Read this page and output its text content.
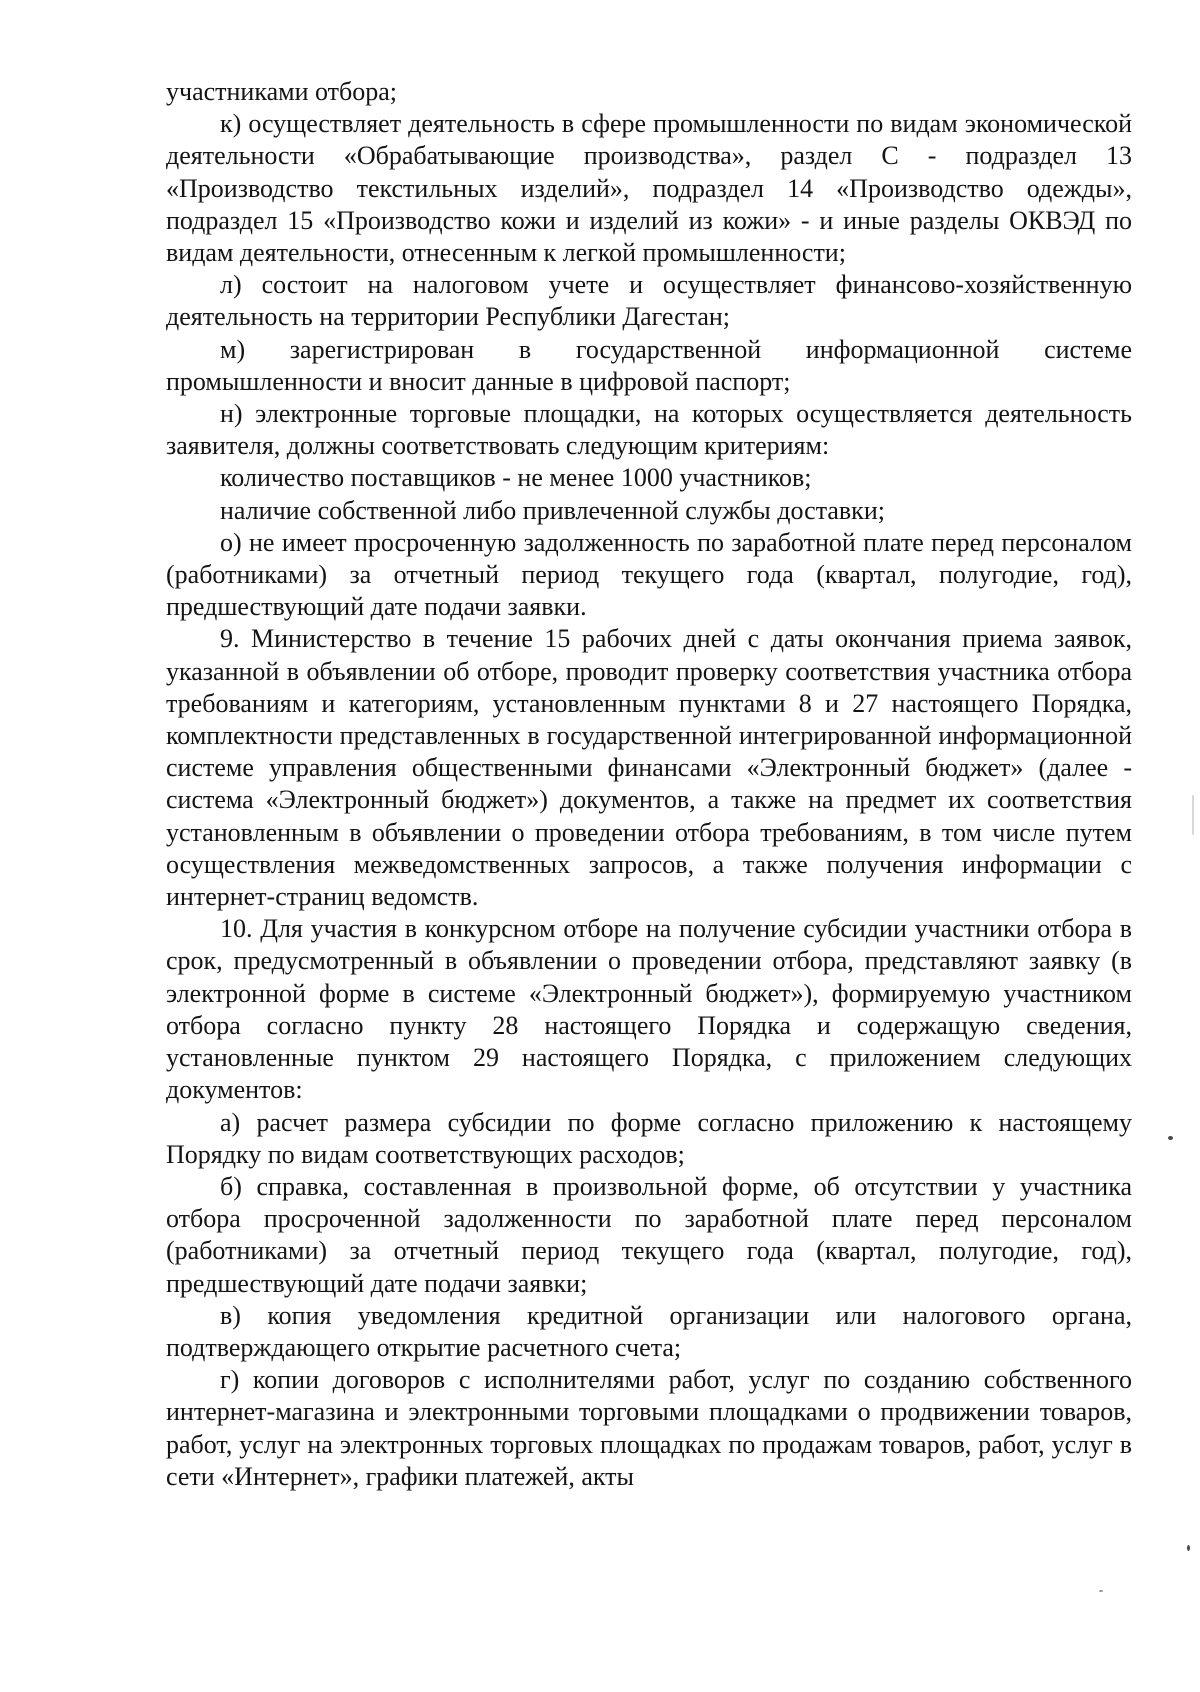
участниками отбора;

к) осуществляет деятельность в сфере промышленности по видам экономической деятельности «Обрабатывающие производства», раздел С - подраздел 13 «Производство текстильных изделий», подраздел 14 «Производство одежды», подраздел 15 «Производство кожи и изделий из кожи» - и иные разделы ОКВЭД по видам деятельности, отнесенным к легкой промышленности;

л) состоит на налоговом учете и осуществляет финансово-хозяйственную деятельность на территории Республики Дагестан;

м) зарегистрирован в государственной информационной системе промышленности и вносит данные в цифровой паспорт;

н) электронные торговые площадки, на которых осуществляется деятельность заявителя, должны соответствовать следующим критериям:

количество поставщиков - не менее 1000 участников;

наличие собственной либо привлеченной службы доставки;

о) не имеет просроченную задолженность по заработной плате перед персоналом (работниками) за отчетный период текущего года (квартал, полугодие, год), предшествующий дате подачи заявки.

9. Министерство в течение 15 рабочих дней с даты окончания приема заявок, указанной в объявлении об отборе, проводит проверку соответствия участника отбора требованиям и категориям, установленным пунктами 8 и 27 настоящего Порядка, комплектности представленных в государственной интегрированной информационной системе управления общественными финансами «Электронный бюджет» (далее - система «Электронный бюджет») документов, а также на предмет их соответствия установленным в объявлении о проведении отбора требованиям, в том числе путем осуществления межведомственных запросов, а также получения информации с интернет-страниц ведомств.

10. Для участия в конкурсном отборе на получение субсидии участники отбора в срок, предусмотренный в объявлении о проведении отбора, представляют заявку (в электронной форме в системе «Электронный бюджет»), формируемую участником отбора согласно пункту 28 настоящего Порядка и содержащую сведения, установленные пунктом 29 настоящего Порядка, с приложением следующих документов:

а) расчет размера субсидии по форме согласно приложению к настоящему Порядку по видам соответствующих расходов;

б) справка, составленная в произвольной форме, об отсутствии у участника отбора просроченной задолженности по заработной плате перед персоналом (работниками) за отчетный период текущего года (квартал, полугодие, год), предшествующий дате подачи заявки;

в) копия уведомления кредитной организации или налогового органа, подтверждающего открытие расчетного счета;

г) копии договоров с исполнителями работ, услуг по созданию собственного интернет-магазина и электронными торговыми площадками о продвижении товаров, работ, услуг на электронных торговых площадках по продажам товаров, работ, услуг в сети «Интернет», графики платежей, акты
